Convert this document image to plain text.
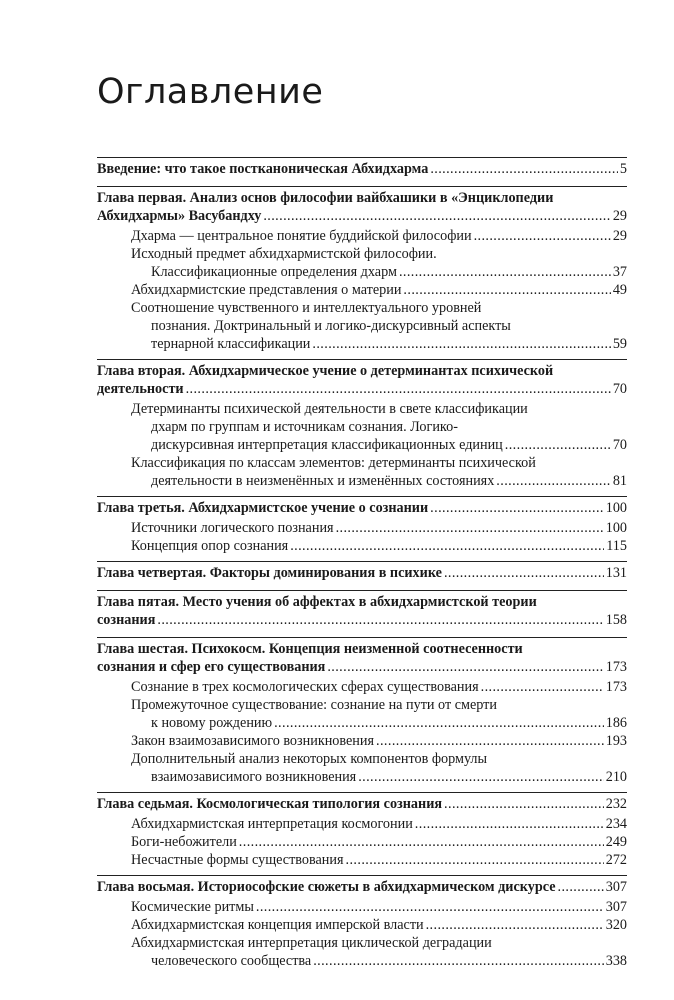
Оглавление
Введение: что такое постканоническая Абхидхарма .....	5
Глава первая. Анализ основ философии вайбхашики в «Энциклопедии
Абхидхармы» Васубандху .....	29
Дхарма — центральное понятие буддийской философии .....	29
Исходный предмет абхидхармистской философии.
Классификационные определения дхарм .....	37
Абхидхармистские представления о материи .....	49
Соотношение чувственного и интеллектуального уровней
познания. Доктринальный и логико-дискурсивный аспекты
тернарной классификации .....	59
Глава вторая. Абхидхармическое учение о детерминантах психической
деятельности .....	70
Детерминанты психической деятельности в свете классификации
дхарм по группам и источникам сознания. Логико-
дискурсивная интерпретация классификационных единиц .....	70
Классификация по классам элементов: детерминанты психической
деятельности в неизменённых и изменённых состояниях .....	81
Глава третья. Абхидхармистское учение о сознании .....	100
Источники логического познания .....	100
Концепция опор сознания .....	115
Глава четвертая. Факторы доминирования в психике .....	131
Глава пятая. Место учения об аффектах в абхидхармистской теории
сознания .....	158
Глава шестая. Психокосм. Концепция неизменной соотнесенности
сознания и сфер его существования .....	173
Сознание в трех космологических сферах существования .....	173
Промежуточное существование: сознание на пути от смерти
к новому рождению .....	186
Закон взаимозависимого возникновения .....	193
Дополнительный анализ некоторых компонентов формулы
взаимозависимого возникновения .....	210
Глава седьмая. Космологическая типология сознания .....	232
Абхидхармистская интерпретация космогонии .....	234
Боги-небожители .....	249
Несчастные формы существования .....	272
Глава восьмая. Историософские сюжеты в абхидхармическом дискурсе .....	307
Космические ритмы .....	307
Абхидхармистская концепция имперской власти .....	320
Абхидхармистская интерпретация циклической деградации
человеческого сообщества .....	338
